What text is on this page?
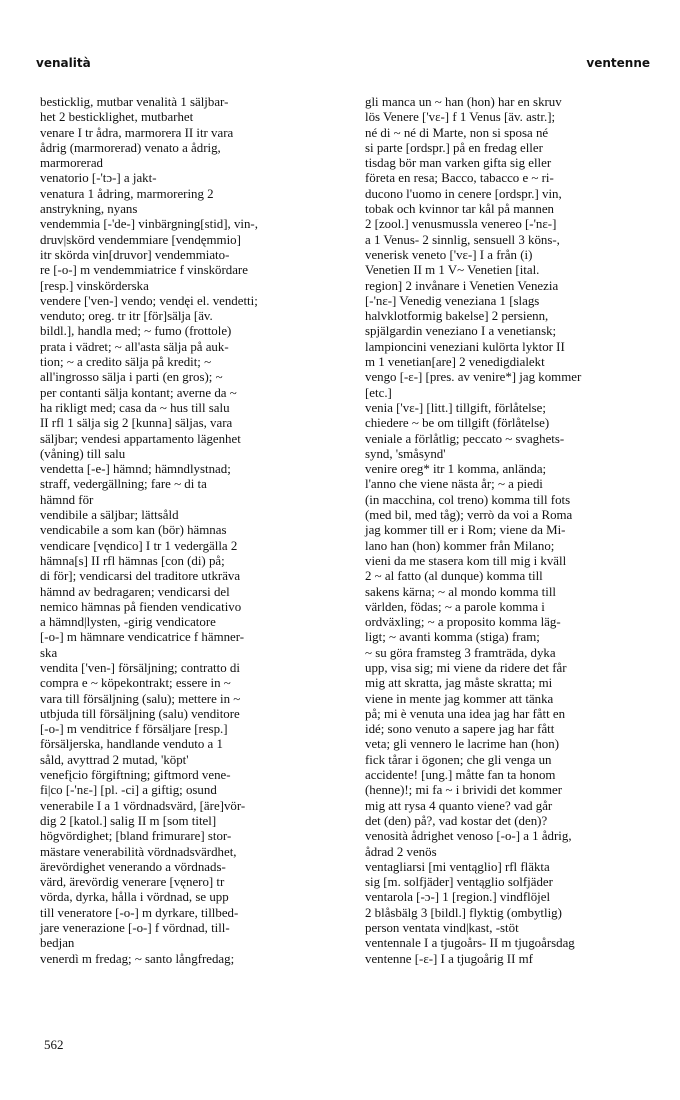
venalità	ventenne
besticklig, mutbar venalità 1 säljbar-
het 2 besticklighet, mutbarhet
venare I tr ådra, marmorera II itr vara
ådrig (marmorerad) venato a ådrig,
marmorerad
venatorio [-'tɔ-] a jakt-
venatura 1 ådring, marmorering 2
anstrykning, nyans
vendemmia [-'de-] vinbärgning[stid], vin-,
druv|skörd vendemmiare [vendęmmio]
itr skörda vin[druvor] vendemmiato-
re [-o-] m vendemmiatrice f vinskördare
[resp.] vinskörderska
vendere ['ven-] vendo; vendęi el. vendetti;
venduto; oreg. tr itr [för]sälja [äv.
bildl.], handla med; ~ fumo (frottole)
prata i vädret; ~ all'asta sälja på auk-
tion; ~ a credito sälja på kredit; ~
all'ingrosso sälja i parti (en gros); ~
per contanti sälja kontant; averne da ~
ha rikligt med; casa da ~ hus till salu
II rfl 1 sälja sig 2 [kunna] säljas, vara
säljbar; vendesi appartamento lägenhet
(våning) till salu
vendetta [-e-] hämnd; hämndlystnad;
straff, vedergällning; fare ~ di ta
hämnd för
vendibile a säljbar; lättsåld
vendicabile a som kan (bör) hämnas
vendicare [vęndico] I tr 1 vedergälla 2
hämna[s] II rfl hämnas [con (di) på;
di för]; vendicarsi del traditore utkräva
hämnd av bedragaren; vendicarsi del
nemico hämnas på fienden vendicativo
a hämnd|lysten, -girig vendicatore
[-o-] m hämnare vendicatrice f hämner-
ska
vendita ['ven-] försäljning; contratto di
compra e ~ köpekontrakt; essere in ~
vara till försäljning (salu); mettere in ~
utbjuda till försäljning (salu) venditore
[-o-] m venditrice f försäljare [resp.]
försäljerska, handlande venduto a 1
såld, avyttrad 2 mutad, 'köpt'
venefįcio förgiftning; giftmord vene-
fi|co [-'nɛ-] [pl. -ci] a giftig; osund
venerabile I a 1 vördnadsvärd, [äre]vör-
dig 2 [katol.] salig II m [som titel]
högvördighet; [bland frimurare] stor-
mästare venerabilità vördnadsvärdhet,
ärevördighet venerando a vördnads-
värd, ärevördig venerare [vęnero] tr
vörda, dyrka, hålla i vördnad, se upp
till veneratore [-o-] m dyrkare, tillbed-
jare venerazione [-o-] f vördnad, till-
bedjan
venerdì m fredag; ~ santo långfredag;
gli manca un ~ han (hon) har en skruv
lös Venere ['vɛ-] f 1 Venus [äv. astr.];
né di ~ né di Marte, non si sposa né
si parte [ordspr.] på en fredag eller
tisdag bör man varken gifta sig eller
företa en resa; Bacco, tabacco e ~ ri-
ducono l'uomo in cenere [ordspr.] vin,
tobak och kvinnor tar kål på mannen
2 [zool.] venusmussla venereo [-'nɛ-]
a 1 Venus- 2 sinnlig, sensuell 3 köns-,
venerisk veneto ['vɛ-] I a från (i)
Venetien II m 1 V~ Venetien [ital.
region] 2 invånare i Venetien Venezia
[-'nɛ-] Venedig veneziana 1 [slags
halvklotformig bakelse] 2 persienn,
spjälgardin veneziano I a venetiansk;
lampioncini veneziani kulörta lyktor II
m 1 venetian[are] 2 venedigdialekt
vengo [-ɛ-] [pres. av venire*] jag kommer
[etc.]
venia ['vɛ-] [litt.] tillgift, förlåtelse;
chiedere ~ be om tillgift (förlåtelse)
veniale a förlåtlig; peccato ~ svaghets-
synd, 'småsynd'
venire oreg* itr 1 komma, anlända;
l'anno che viene nästa år; ~ a piedi
(in macchina, col treno) komma till fots
(med bil, med tåg); verrò da voi a Roma
jag kommer till er i Rom; viene da Mi-
lano han (hon) kommer från Milano;
vieni da me stasera kom till mig i kväll
2 ~ al fatto (al dunque) komma till
sakens kärna; ~ al mondo komma till
världen, födas; ~ a parole komma i
ordväxling; ~ a proposito komma läg-
ligt; ~ avanti komma (stiga) fram;
~ su göra framsteg 3 framträda, dyka
upp, visa sig; mi viene da ridere det får
mig att skratta, jag måste skratta; mi
viene in mente jag kommer att tänka
på; mi è venuta una idea jag har fått en
idé; sono venuto a sapere jag har fått
veta; gli vennero le lacrime han (hon)
fick tårar i ögonen; che gli venga un
accidente! [ung.] måtte fan ta honom
(henne)!; mi fa ~ i brividi det kommer
mig att rysa 4 quanto viene? vad går
det (den) på?, vad kostar det (den)?
venosità ådrighet venoso [-o-] a 1 ådrig,
ådrad 2 venös
ventagliarsi [mi ventąglio] rfl fläkta
sig [m. solfjäder] ventąglio solfjäder
ventarola [-ɔ-] 1 [region.] vindflöjel
2 blåsbälg 3 [bildl.] flyktig (ombytlig)
person ventata vind|kast, -stöt
ventennale I a tjugoårs- II m tjugoårsdag
ventenne [-ɛ-] I a tjugoårig II mf
562
